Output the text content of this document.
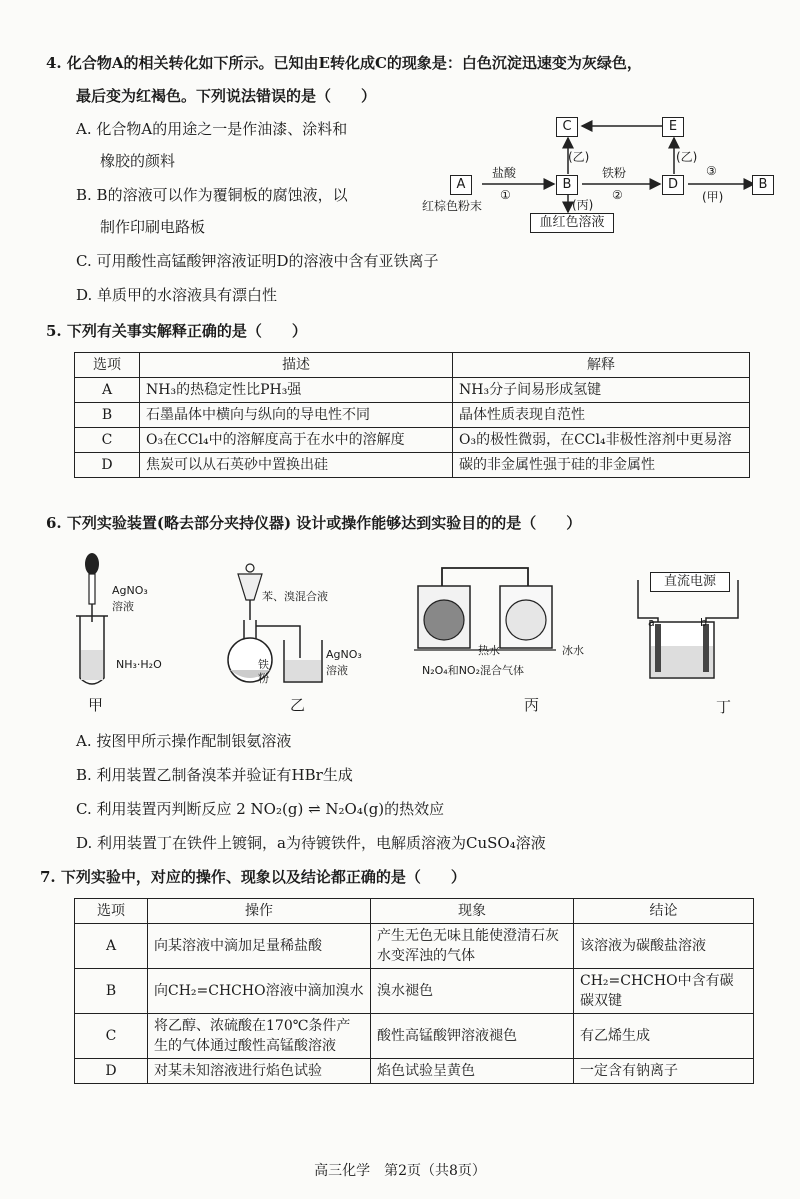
4. 化合物A的相关转化如下所示。已知由E转化成C的现象是：白色沉淀迅速变为灰绿色，
最后变为红褐色。下列说法错误的是（　　）
A. 化合物A的用途之一是作油漆、涂料和
橡胶的颜料
B. B的溶液可以作为覆铜板的腐蚀液，以
制作印刷电路板
C. 可用酸性高锰酸钾溶液证明D的溶液中含有亚铁离子
D. 单质甲的水溶液具有漂白性
A
红棕色粉末
B
C
D
E
B
血红色溶液
盐酸
①
铁粉
②
③
(甲)
(乙)	(乙)
(丙)
5. 下列有关事实解释正确的是（　　）
选项	描述	解释
A	NH₃的热稳定性比PH₃强	NH₃分子间易形成氢键
B	石墨晶体中横向与纵向的导电性不同	晶体性质表现自范性
C	O₃在CCl₄中的溶解度高于在水中的溶解度	O₃的极性微弱，在CCl₄非极性溶剂中更易溶
D	焦炭可以从石英砂中置换出硅	碳的非金属性强于硅的非金属性
6. 下列实验装置(略去部分夹持仪器) 设计或操作能够达到实验目的的是（　　）
AgNO₃
溶液
NH₃·H₂O
甲
苯、溴混合液
铁
粉
AgNO₃
溶液
乙
热水	冰水
N₂O₄和NO₂混合气体
丙
直流电源
a	b
丁
A. 按图甲所示操作配制银氨溶液
B. 利用装置乙制备溴苯并验证有HBr生成
C. 利用装置丙判断反应 2 NO₂(g) ⇌ N₂O₄(g)的热效应
D. 利用装置丁在铁件上镀铜，a为待镀铁件，电解质溶液为CuSO₄溶液
7. 下列实验中，对应的操作、现象以及结论都正确的是（　　）
选项	操作	现象	结论
A	向某溶液中滴加足量稀盐酸	产生无色无味且能使澄清石灰水变浑浊的气体	该溶液为碳酸盐溶液
B	向CH₂=CHCHO溶液中滴加溴水	溴水褪色	CH₂=CHCHO中含有碳碳双键
C	将乙醇、浓硫酸在170℃条件产生的气体通过酸性高锰酸溶液	酸性高锰酸钾溶液褪色	有乙烯生成
D	对某未知溶液进行焰色试验	焰色试验呈黄色	一定含有钠离子
高三化学　第2页（共8页）
